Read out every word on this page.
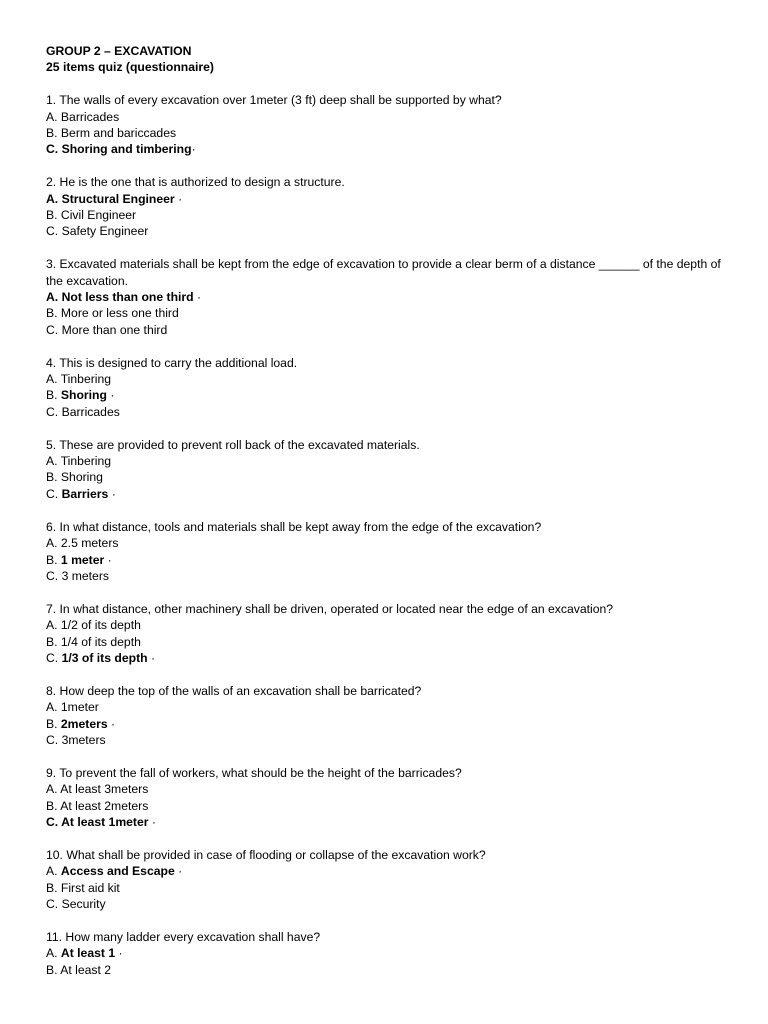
GROUP 2 – EXCAVATION
25 items quiz (questionnaire)
1. The walls of every excavation over 1meter (3 ft) deep shall be supported by what?
A. Barricades
B. Berm and bariccades
C. Shoring and timbering·
2. He is the one that is authorized to design a structure.
A. Structural Engineer ·
B. Civil Engineer
C. Safety Engineer
3. Excavated materials shall be kept from the edge of excavation to provide a clear berm of a distance ______ of the depth of the excavation.
A. Not less than one third ·
B. More or less one third
C. More than one third
4. This is designed to carry the additional load.
A. Tinbering
B. Shoring ·
C. Barricades
5. These are provided to prevent roll back of the excavated materials.
A. Tinbering
B. Shoring
C. Barriers ·
6. In what distance, tools and materials shall be kept away from the edge of the excavation?
A. 2.5 meters
B. 1 meter ·
C. 3 meters
7. In what distance, other machinery shall be driven, operated or located near the edge of an excavation?
A. 1/2 of its depth
B. 1/4 of its depth
C. 1/3 of its depth ·
8. How deep the top of the walls of an excavation shall be barricated?
A. 1meter
B. 2meters ·
C. 3meters
9. To prevent the fall of workers, what should be the height of the barricades?
A. At least 3meters
B. At least 2meters
C. At least 1meter ·
10. What shall be provided in case of flooding or collapse of the excavation work?
A. Access and Escape ·
B. First aid kit
C. Security
11. How many ladder every excavation shall have?
A. At least 1 ·
B. At least 2
